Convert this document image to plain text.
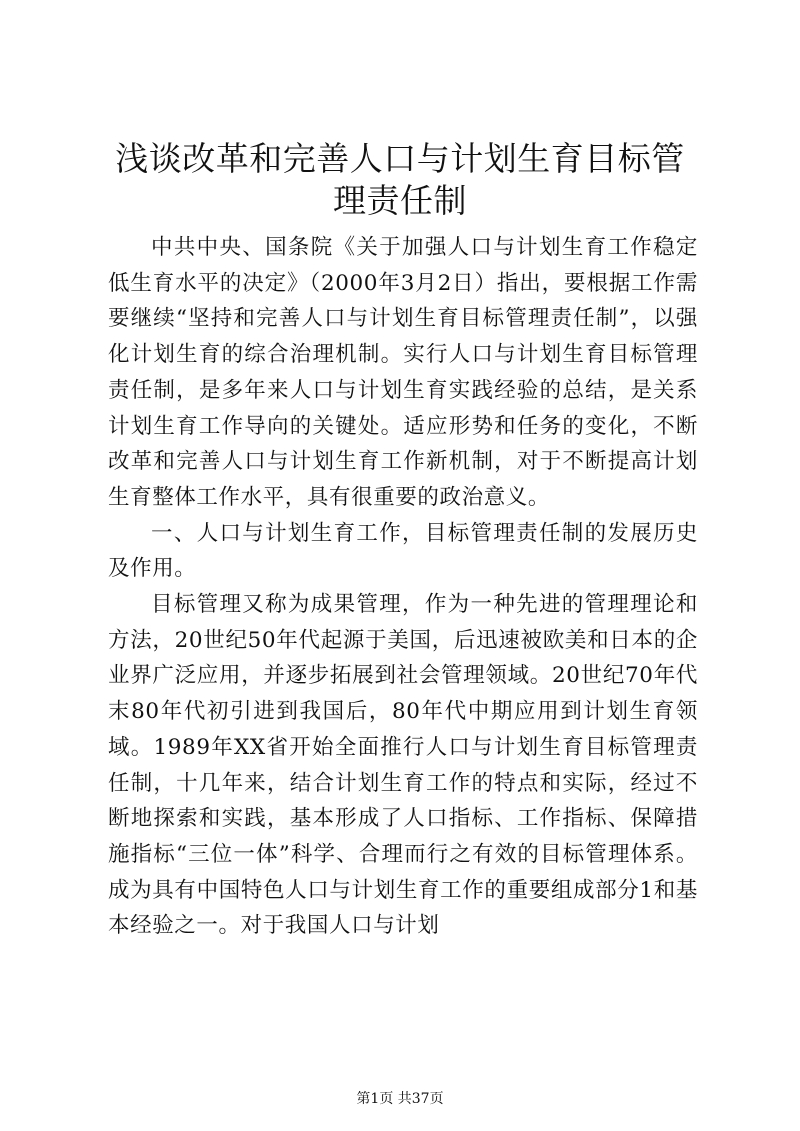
浅谈改革和完善人口与计划生育目标管理责任制

中共中央、国条院《关于加强人口与计划生育工作稳定低生育水平的决定》（2000年3月2日）指出，要根据工作需要继续“坚持和完善人口与计划生育目标管理责任制”，以强化计划生育的综合治理机制。实行人口与计划生育目标管理责任制，是多年来人口与计划生育实践经验的总结，是关系计划生育工作导向的关键处。适应形势和任务的变化，不断改革和完善人口与计划生育工作新机制，对于不断提高计划生育整体工作水平，具有很重要的政治意义。

一、人口与计划生育工作，目标管理责任制的发展历史及作用。

目标管理又称为成果管理，作为一种先进的管理理论和方法，20世纪50年代起源于美国，后迅速被欧美和日本的企业界广泛应用，并逐步拓展到社会管理领域。20世纪70年代末80年代初引进到我国后，80年代中期应用到计划生育领域。1989年XX省开始全面推行人口与计划生育目标管理责任制，十几年来，结合计划生育工作的特点和实际，经过不断地探索和实践，基本形成了人口指标、工作指标、保障措施指标“三位一体”科学、合理而行之有效的目标管理体系。成为具有中国特色人口与计划生育工作的重要组成部分1和基本经验之一。对于我国人口与计划

第1页 共37页
